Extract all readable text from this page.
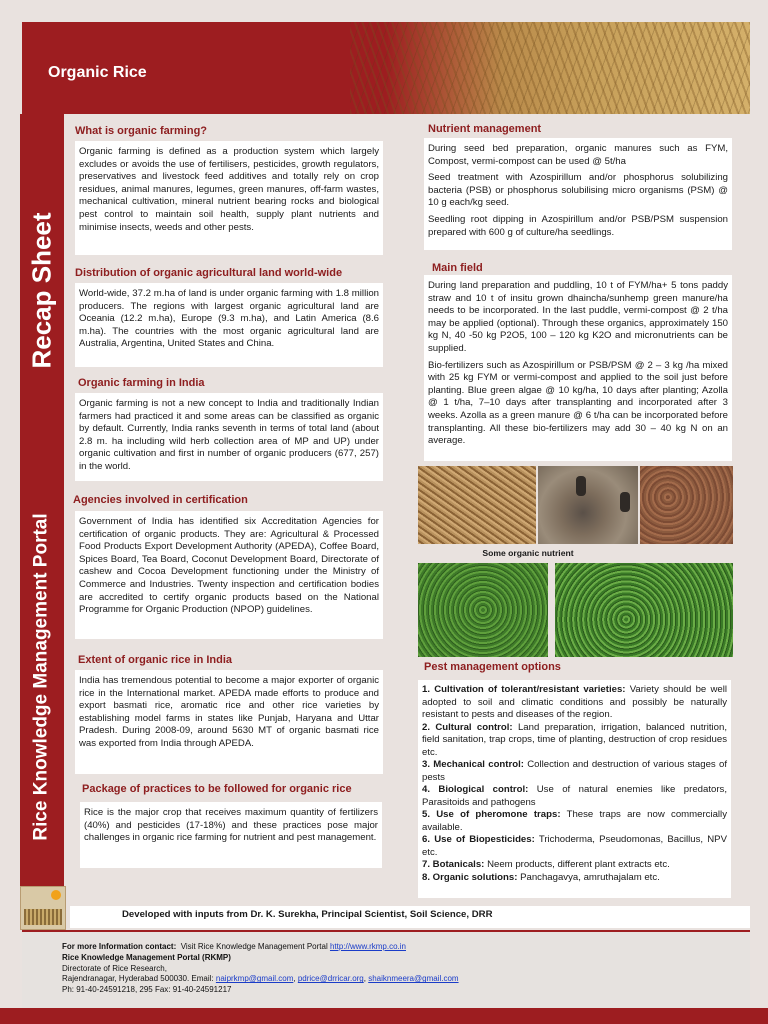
Organic Rice
Recap Sheet
Rice Knowledge Management Portal
What is organic farming?

Organic farming is defined as a production system which largely excludes or avoids the use of fertilisers, pesticides, growth regulators, preservatives and livestock feed additives and totally rely on crop residues, animal manures, legumes, green manures, off-farm wastes, mechanical cultivation, mineral nutrient bearing rocks and biological pest control to maintain soil health, supply plant nutrients and minimise insects, weeds and other pests.

Distribution of organic agricultural land world-wide

World-wide, 37.2 m.ha of land is under organic farming with 1.8 million producers. The regions with largest organic agricultural land are Oceania (12.2 m.ha), Europe (9.3 m.ha), and Latin America (8.6 m.ha). The countries with the most organic agricultural land are Australia, Argentina, United States and China.

Organic farming in India

Organic farming is not a new concept to India and traditionally Indian farmers had practiced it and some areas can be classified as organic by default. Currently, India ranks seventh in terms of total land (about 2.8 m. ha including wild herb collection area of MP and UP) under organic cultivation and first in number of organic producers (677, 257) in the world.

Agencies involved in certification

Government of India has identified six Accreditation Agencies for certification of organic products. They are: Agricultural & Processed Food Products Export Development Authority (APEDA), Coffee Board, Spices Board, Tea Board, Coconut Development Board, Directorate of cashew and Cocoa Development functioning under the Ministry of Commerce and Industries. Twenty inspection and certification bodies are accredited to certify organic products based on the National Programme for Organic Production (NPOP) guidelines.

Extent of organic rice in India

India has tremendous potential to become a major exporter of organic rice in the International market. APEDA made efforts to produce and export basmati rice, aromatic rice and other rice varieties by establishing model farms in states like Punjab, Haryana and Uttar Pradesh. During 2008-09, around 5630 MT of organic basmati rice was exported from India through APEDA.

Package of practices to be followed for organic rice

Rice is the major crop that receives maximum quantity of fertilizers (40%) and pesticides (17-18%) and these practices pose major challenges in organic rice farming for nutrient and pest management.

Nutrient management

During seed bed preparation, organic manures such as FYM, Compost, vermi-compost can be used @ 5t/ha

Seed treatment with Azospirillum and/or phosphorus solubilizing bacteria (PSB) or phosphorus solubilising micro organisms (PSM) @ 10 g each/kg seed.

Seedling root dipping in Azospirillum and/or PSB/PSM suspension prepared with 600 g of culture/ha seedlings.

Main field

During land preparation and puddling, 10 t of FYM/ha+ 5 tons paddy straw and 10 t of insitu grown dhaincha/sunhemp green manure/ha needs to be incorporated. In the last puddle, vermi-compost @ 2 t/ha may be applied (optional). Through these organics, approximately 150 kg N, 40 -50 kg P2O5, 100 – 120 kg K2O and micronutrients can be supplied.

Bio-fertilizers such as Azospirillum or PSB/PSM @ 2 – 3 kg /ha mixed with 25 kg FYM or vermi-compost and applied to the soil just before planting. Blue green algae @ 10 kg/ha, 10 days after planting; Azolla @ 1 t/ha, 7–10 days after transplanting and incorporated after 3 weeks. Azolla as a green manure @ 6 t/ha can be incorporated before transplanting. All these bio-fertilizers may add 30 – 40 kg N on an average.

Some organic nutrient
Pest management options
1. Cultivation of tolerant/resistant varieties: Variety should be well adopted to soil and climatic conditions and possibly be naturally resistant to pests and diseases of the region.
2. Cultural control: Land preparation, irrigation, balanced nutrition, field sanitation, trap crops, time of planting, destruction of crop residues etc.
3. Mechanical control: Collection and destruction of various stages of pests
4. Biological control: Use of natural enemies like predators, Parasitoids and pathogens
5. Use of pheromone traps: These traps are now commercially available.
6. Use of Biopesticides: Trichoderma, Pseudomonas, Bacillus, NPV etc.
7. Botanicals: Neem products, different plant extracts etc.
8. Organic solutions: Panchagavya, amruthajalam etc.
Developed with inputs from Dr. K. Surekha, Principal Scientist, Soil Science, DRR
For more Information contact: Visit Rice Knowledge Management Portal http://www.rkmp.co.in
Rice Knowledge Management Portal (RKMP)
Directorate of Rice Research,
Rajendranagar, Hyderabad 500030. Email: naiprkmp@gmail.com, pdrice@drricar.org, shaiknmeera@gmail.com
Ph: 91-40-24591218, 295 Fax: 91-40-24591217
